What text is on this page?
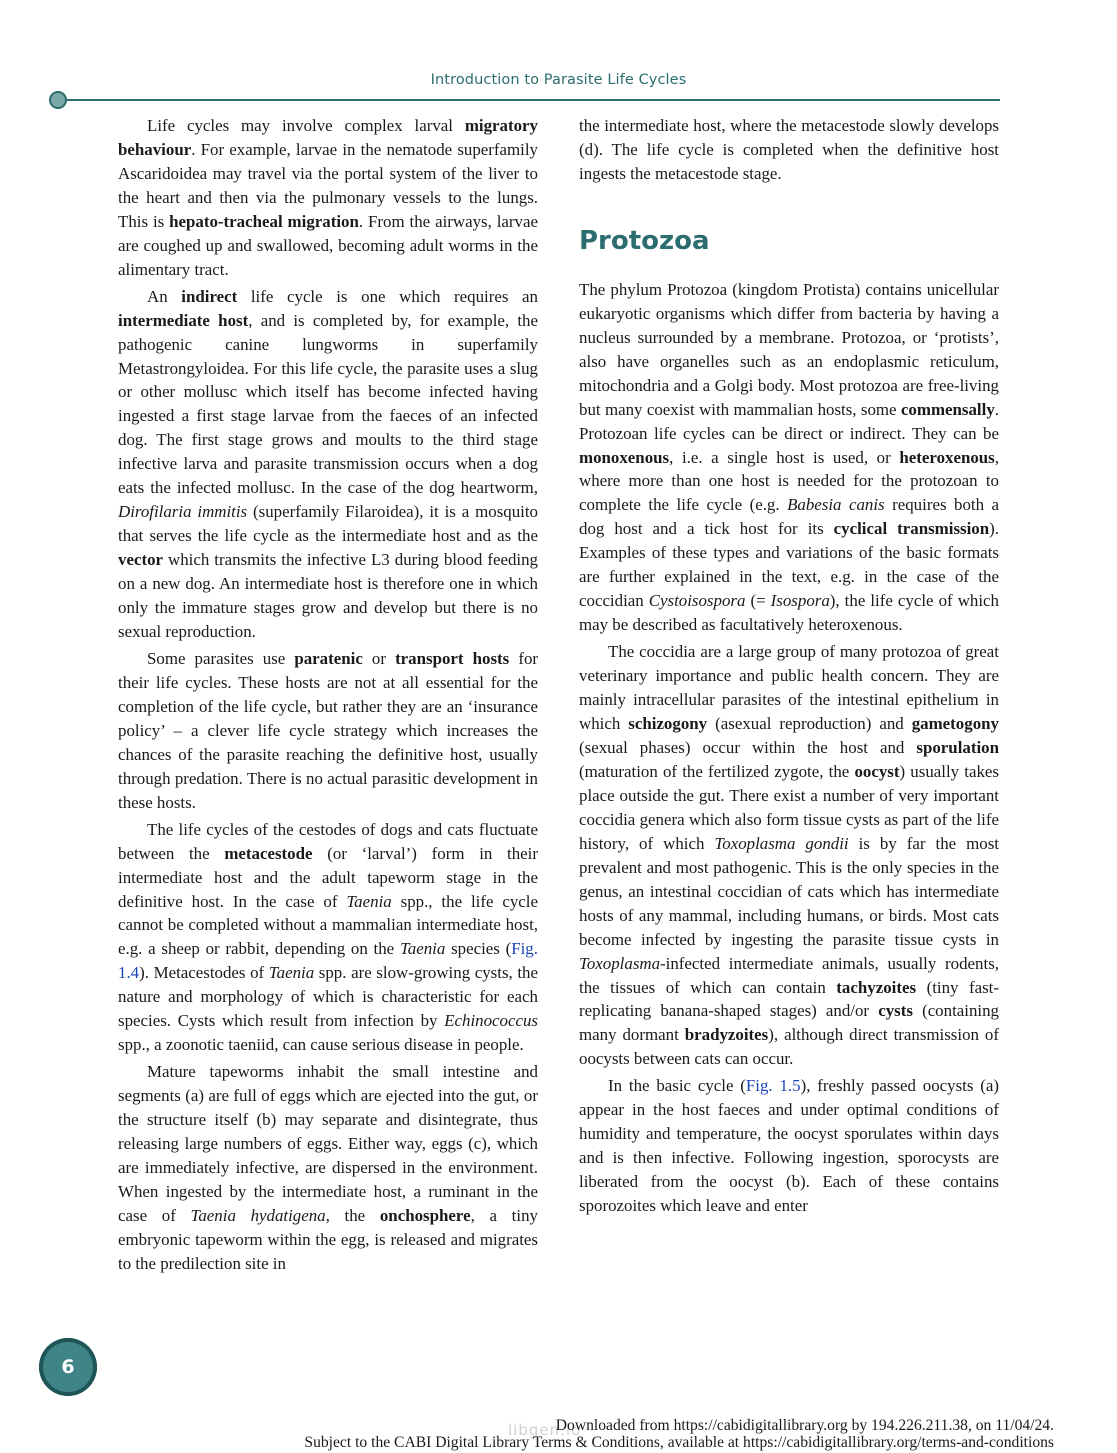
Introduction to Parasite Life Cycles

Life cycles may involve complex larval migratory behaviour. For example, larvae in the nematode superfamily Ascaridoidea may travel via the portal system of the liver to the heart and then via the pulmonary vessels to the lungs. This is hepato-tracheal migration. From the airways, larvae are coughed up and swallowed, becoming adult worms in the alimentary tract.

An indirect life cycle is one which requires an intermediate host, and is completed by, for example, the pathogenic canine lungworms in superfamily Metastrongyloidea. For this life cycle, the parasite uses a slug or other mollusc which itself has become infected having ingested a first stage larvae from the faeces of an infected dog. The first stage grows and moults to the third stage infective larva and parasite transmission occurs when a dog eats the infected mollusc. In the case of the dog heartworm, Dirofilaria immitis (superfamily Filaroidea), it is a mosquito that serves the life cycle as the intermediate host and as the vector which transmits the infective L3 during blood feeding on a new dog. An intermediate host is therefore one in which only the immature stages grow and develop but there is no sexual reproduction.

Some parasites use paratenic or transport hosts for their life cycles. These hosts are not at all essential for the completion of the life cycle, but rather they are an ‘insurance policy’ – a clever life cycle strategy which increases the chances of the parasite reaching the definitive host, usually through predation. There is no actual parasitic development in these hosts.

The life cycles of the cestodes of dogs and cats fluctuate between the metacestode (or ‘larval’) form in their intermediate host and the adult tapeworm stage in the definitive host. In the case of Taenia spp., the life cycle cannot be completed without a mammalian intermediate host, e.g. a sheep or rabbit, depending on the Taenia species (Fig. 1.4). Metacestodes of Taenia spp. are slow-growing cysts, the nature and morphology of which is characteristic for each species. Cysts which result from infection by Echinococcus spp., a zoonotic taeniid, can cause serious disease in people.

Mature tapeworms inhabit the small intestine and segments (a) are full of eggs which are ejected into the gut, or the structure itself (b) may separate and disintegrate, thus releasing large numbers of eggs. Either way, eggs (c), which are immediately infective, are dispersed in the environment. When ingested by the intermediate host, a ruminant in the case of Taenia hydatigena, the onchosphere, a tiny embryonic tapeworm within the egg, is released and migrates to the predilection site in

the intermediate host, where the metacestode slowly develops (d). The life cycle is completed when the definitive host ingests the metacestode stage.

Protozoa

The phylum Protozoa (kingdom Protista) contains unicellular eukaryotic organisms which differ from bacteria by having a nucleus surrounded by a membrane. Protozoa, or ‘protists’, also have organelles such as an endoplasmic reticulum, mitochondria and a Golgi body. Most protozoa are free-living but many coexist with mammalian hosts, some commensally. Protozoan life cycles can be direct or indirect. They can be monoxenous, i.e. a single host is used, or heteroxenous, where more than one host is needed for the protozoan to complete the life cycle (e.g. Babesia canis requires both a dog host and a tick host for its cyclical transmission). Examples of these types and variations of the basic formats are further explained in the text, e.g. in the case of the coccidian Cystoisospora (= Isospora), the life cycle of which may be described as facultatively heteroxenous.

The coccidia are a large group of many protozoa of great veterinary importance and public health concern. They are mainly intracellular parasites of the intestinal epithelium in which schizogony (asexual reproduction) and gametogony (sexual phases) occur within the host and sporulation (maturation of the fertilized zygote, the oocyst) usually takes place outside the gut. There exist a number of very important coccidia genera which also form tissue cysts as part of the life history, of which Toxoplasma gondii is by far the most prevalent and most pathogenic. This is the only species in the genus, an intestinal coccidian of cats which has intermediate hosts of any mammal, including humans, or birds. Most cats become infected by ingesting the parasite tissue cysts in Toxoplasma-infected intermediate animals, usually rodents, the tissues of which can contain tachyzoites (tiny fast-replicating banana-shaped stages) and/or cysts (containing many dormant bradyzoites), although direct transmission of oocysts between cats can occur.

In the basic cycle (Fig. 1.5), freshly passed oocysts (a) appear in the host faeces and under optimal conditions of humidity and temperature, the oocyst sporulates within days and is then infective. Following ingestion, sporocysts are liberated from the oocyst (b). Each of these contains sporozoites which leave and enter

6
libgen.io
Downloaded from https://cabidigitallibrary.org by 194.226.211.38, on 11/04/24.
Subject to the CABI Digital Library Terms & Conditions, available at https://cabidigitallibrary.org/terms-and-conditions
